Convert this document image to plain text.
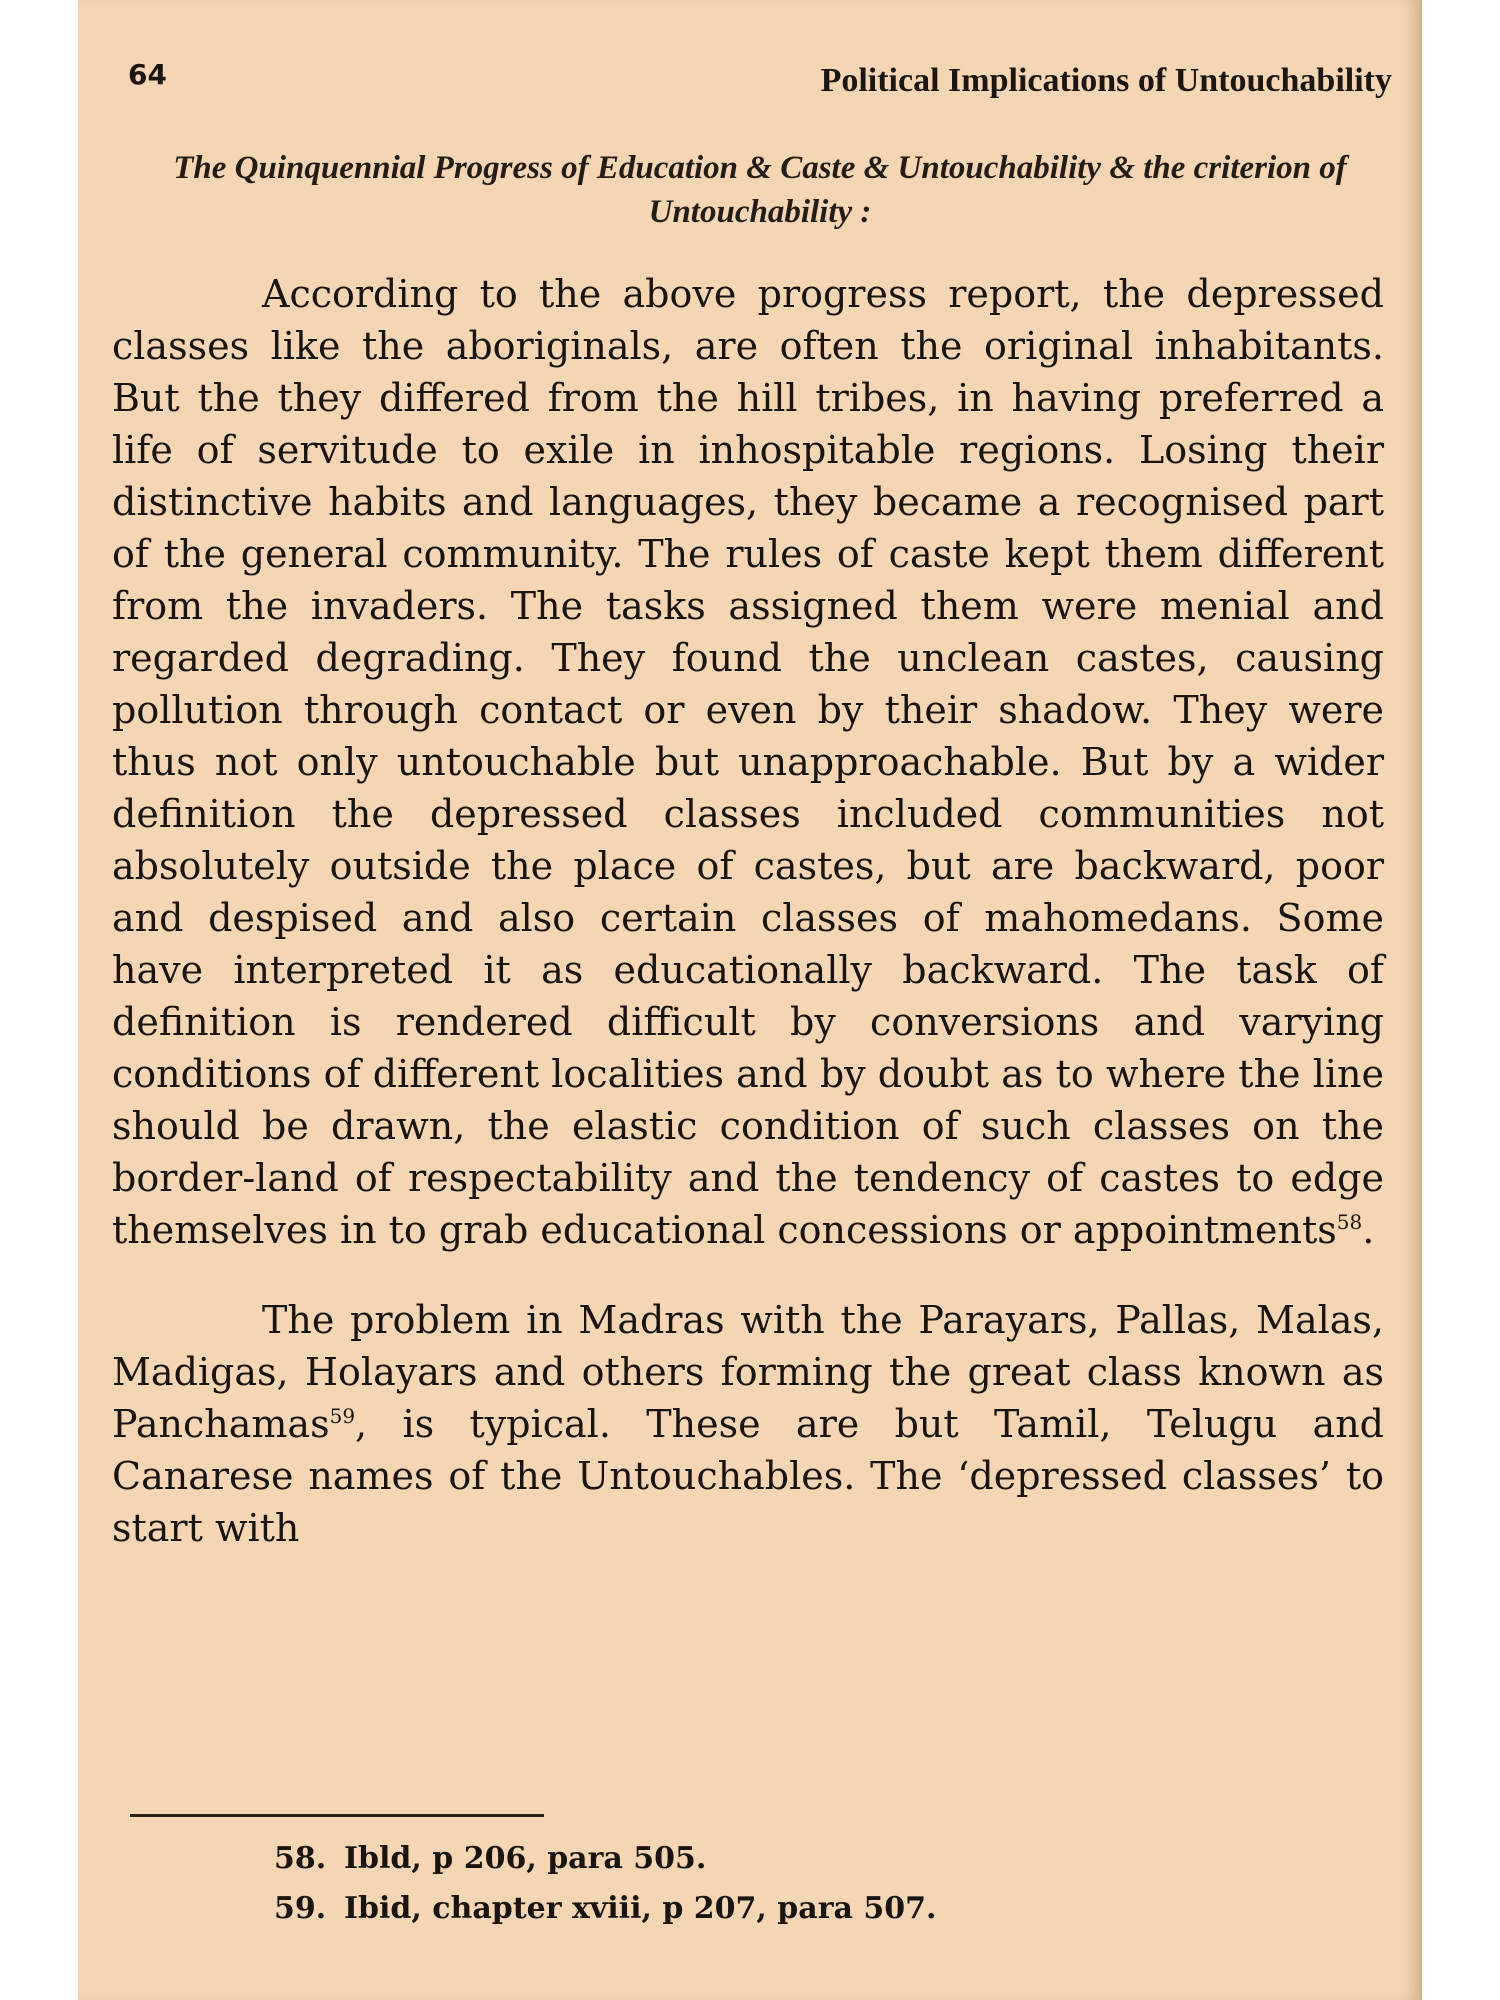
64	Political Implications of Untouchability
The Quinquennial Progress of Education & Caste & Untouchability & the criterion of Untouchability :

According to the above progress report, the depressed classes like the aboriginals, are often the original inhabitants. But the they differed from the hill tribes, in having preferred a life of servitude to exile in inhospitable regions. Losing their distinctive habits and languages, they became a recognised part of the general community. The rules of caste kept them different from the invaders. The tasks assigned them were menial and regarded degrading. They found the unclean castes, causing pollution through contact or even by their shadow. They were thus not only untouchable but unapproachable. But by a wider definition the depressed classes included communities not absolutely outside the place of castes, but are backward, poor and despised and also certain classes of mahomedans. Some have interpreted it as educationally backward. The task of definition is rendered difficult by conversions and varying conditions of different localities and by doubt as to where the line should be drawn, the elastic condition of such classes on the border-land of respectability and the tendency of castes to edge themselves in to grab educational concessions or appointments$^{58}$.

The problem in Madras with the Parayars, Pallas, Malas, Madigas, Holayars and others forming the great class known as Panchamas$^{59}$, is typical. These are but Tamil, Telugu and Canarese names of the Untouchables. The ‘depressed classes’ to start with

58. Ibld, p 206, para 505.
59. Ibid, chapter xviii, p 207, para 507.
